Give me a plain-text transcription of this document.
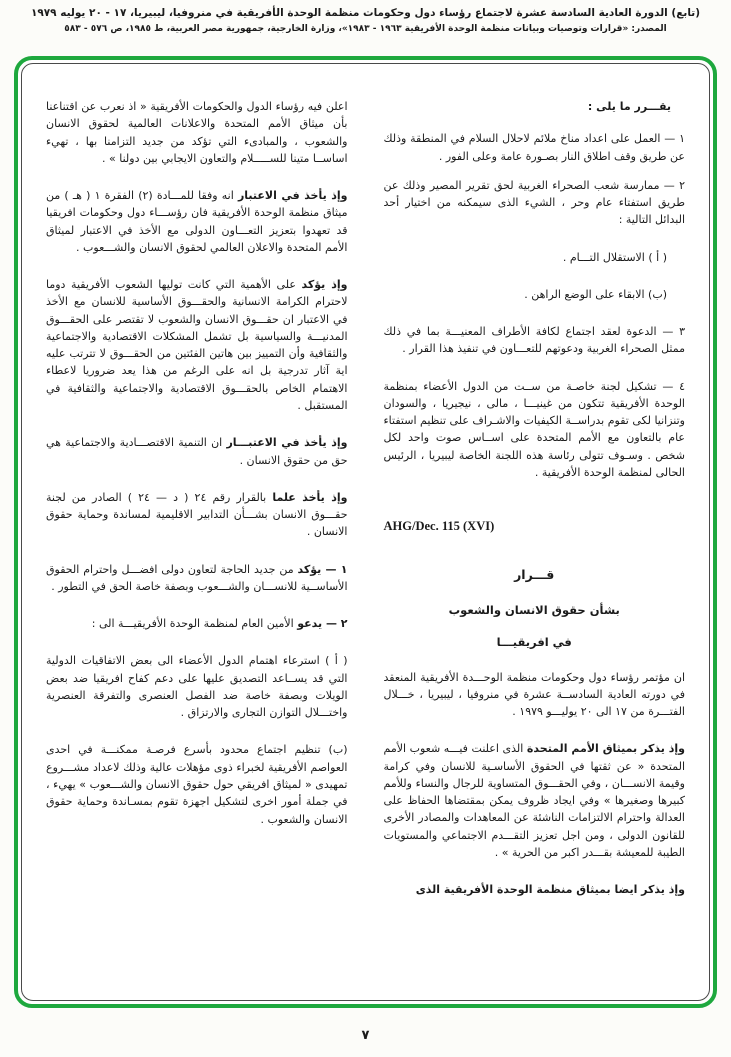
(تابع) الدورة العادية السادسة عشرة لاجتماع رؤساء دول وحكومات منظمة الوحدة الأفريقية في منروفيا، ليبيريا، ١٧ - ٢٠ يوليه ١٩٧٩
المصدر: «قرارات وتوصيات وبيانات منظمة الوحدة الأفريقية ١٩٦٣ - ١٩٨٣»، وزارة الخارجية، جمهورية مصر العربية، ط ١٩٨٥، ص ٥٧٦ - ٥٨٣

يقـــرر ما يلى :

١ — العمل على اعداد مناخ ملائم لاحلال السلام في المنطقة وذلك عن طريق وقف اطلاق النار بصـورة عامة وعلى الفور .

٢ — ممارسة شعب الصحراء الغربية لحق تقرير المصير وذلك عن طريق استفتاء عام وحر ، الشيء الذى سيمكنه من اختيار أحد البدائل التالية :

( أ ) الاستقلال التـــام .

(ب) الابقاء على الوضع الراهن .

٣ — الدعوة لعقد اجتماع لكافة الأطراف المعنيـــة بما في ذلك ممثل الصحراء الغربية ودعوتهم للتعـــاون في تنفيذ هذا القرار .

٤ — تشكيل لجنة خاصـة من ســت من الدول الأعضاء بمنظمة الوحدة الأفريقية تتكون من غينيـــا ، مالى ، نيجيريا ، والسودان وتنزانيا لكى تقوم بدراســة الكيفيات والاشـراف على تنظيم استفتاء عام بالتعاون مع الأمم المتحدة على اســاس صوت واحد لكل شخص . وسـوف تتولى رئاسة هذه اللجنة الخاصة ليبيريا ، الرئيس الحالى لمنظمة الوحدة الأفريقية .

AHG/Dec. 115 (XVI)

قـــرار
بشأن حقوق الانسان والشعوب
في افريقيـــا

ان مؤتمر رؤساء دول وحكومات منظمة الوحـــدة الأفريقية المنعقد في دورته العادية السادســة عشرة في منروفيا ، ليبيريا ، خـــلال الفتـــرة من ١٧ الى ٢٠ يوليـــو ١٩٧٩ .

وإذ يذكر بميثاق الأمم المتحدة الذى اعلنت فيـــه شعوب الأمم المتحدة « عن ثقتها في الحقوق الأساسـية للانسان وفي كرامة وقيمة الانســـان ، وفي الحقـــوق المتساوية للرجال والنساء وللأمم كبيرها وصغيرها » وفي ايجاد ظروف يمكن بمقتضاها الحفاظ على العدالة واحترام الالتزامات الناشئة عن المعاهدات والمصادر الأخرى للقانون الدولى ، ومن اجل تعزيز التقـــدم الاجتماعي والمستويات الطيبة للمعيشة بقـــدر اكبر من الحرية » .

وإذ يذكر ايضا بميثاق منظمة الوحدة الأفريقية الذى

اعلن فيه رؤساء الدول والحكومات الأفريقية « اذ نعرب عن اقتناعنا بأن ميثاق الأمم المتحدة والاعلانات العالمية لحقوق الانسان والشعوب ، والمبادىء التي تؤكد من جديد التزامنا بها ، تهيء اساســا متينا للســـــلام والتعاون الايجابي بين دولنا » .

وإذ يأخذ في الاعتبار انه وفقا للمـــادة (٢) الفقرة ١ ( هـ ) من ميثاق منظمة الوحدة الأفريقية فان رؤســـاء دول وحكومات افريقيا قد تعهدوا بتعزيز التعـــاون الدولى مع الأخذ في الاعتبار لميثاق الأمم المتحدة والاعلان العالمي لحقوق الانسان والشـــعوب .

وإذ يؤكد على الأهمية التي كانت توليها الشعوب الأفريقية دوما لاحترام الكرامة الانسانية والحقـــوق الأساسية للانسان مع الأخذ في الاعتبار ان حقـــوق الانسان والشعوب لا تقتصر على الحقـــوق المدنيـــة والسياسية بل تشمل المشكلات الاقتصادية والاجتماعية والثقافية وأن التمييز بين هاتين الفئتين من الحقـــوق لا تترتب عليه اية آثار تدرجية بل انه على الرغم من هذا يعد ضروريا لاعطاء الاهتمام الخاص بالحقـــوق الاقتصادية والاجتماعية والثقافية في المستقبل .

وإذ يأخذ في الاعتبـــار ان التنمية الاقتصـــادية والاجتماعية هي حق من حقوق الانسان .

وإذ يأخذ علما بالقرار رقم ٢٤ ( د — ٢٤ ) الصادر من لجنة حقـــوق الانسان بشـــأن التدابير الاقليمية لمساندة وحماية حقوق الانسان .

١ — يؤكد من جديد الحاجة لتعاون دولى افضـــل واحترام الحقوق الأساســية للانســـان والشـــعوب وبصفة خاصة الحق في التطور .

٢ — يدعو الأمين العام لمنظمة الوحدة الأفريقيـــة الى :

( أ ) استرعاء اهتمام الدول الأعضاء الى بعض الاتفاقيات الدولية التي قد يســاعد التصديق عليها على دعم كفاح افريقيا ضد بعض الويلات وبصفة خاصة ضد الفصل العنصرى والتفرقة العنصرية واختـــلال التوازن التجارى والارتزاق .

(ب) تنظيم اجتماع محدود بأسرع فرصـة ممكنـــة في احدى العواصم الأفريقية لخبراء ذوى مؤهلات عالية وذلك لاعداد مشـــروع تمهيدى « لميثاق افريقي حول حقوق الانسان والشـــعوب » يهيء ، في جملة أمور اخرى لتشكيل اجهزة تقوم بمسـاندة وحماية حقوق الانسان والشعوب .

٧
